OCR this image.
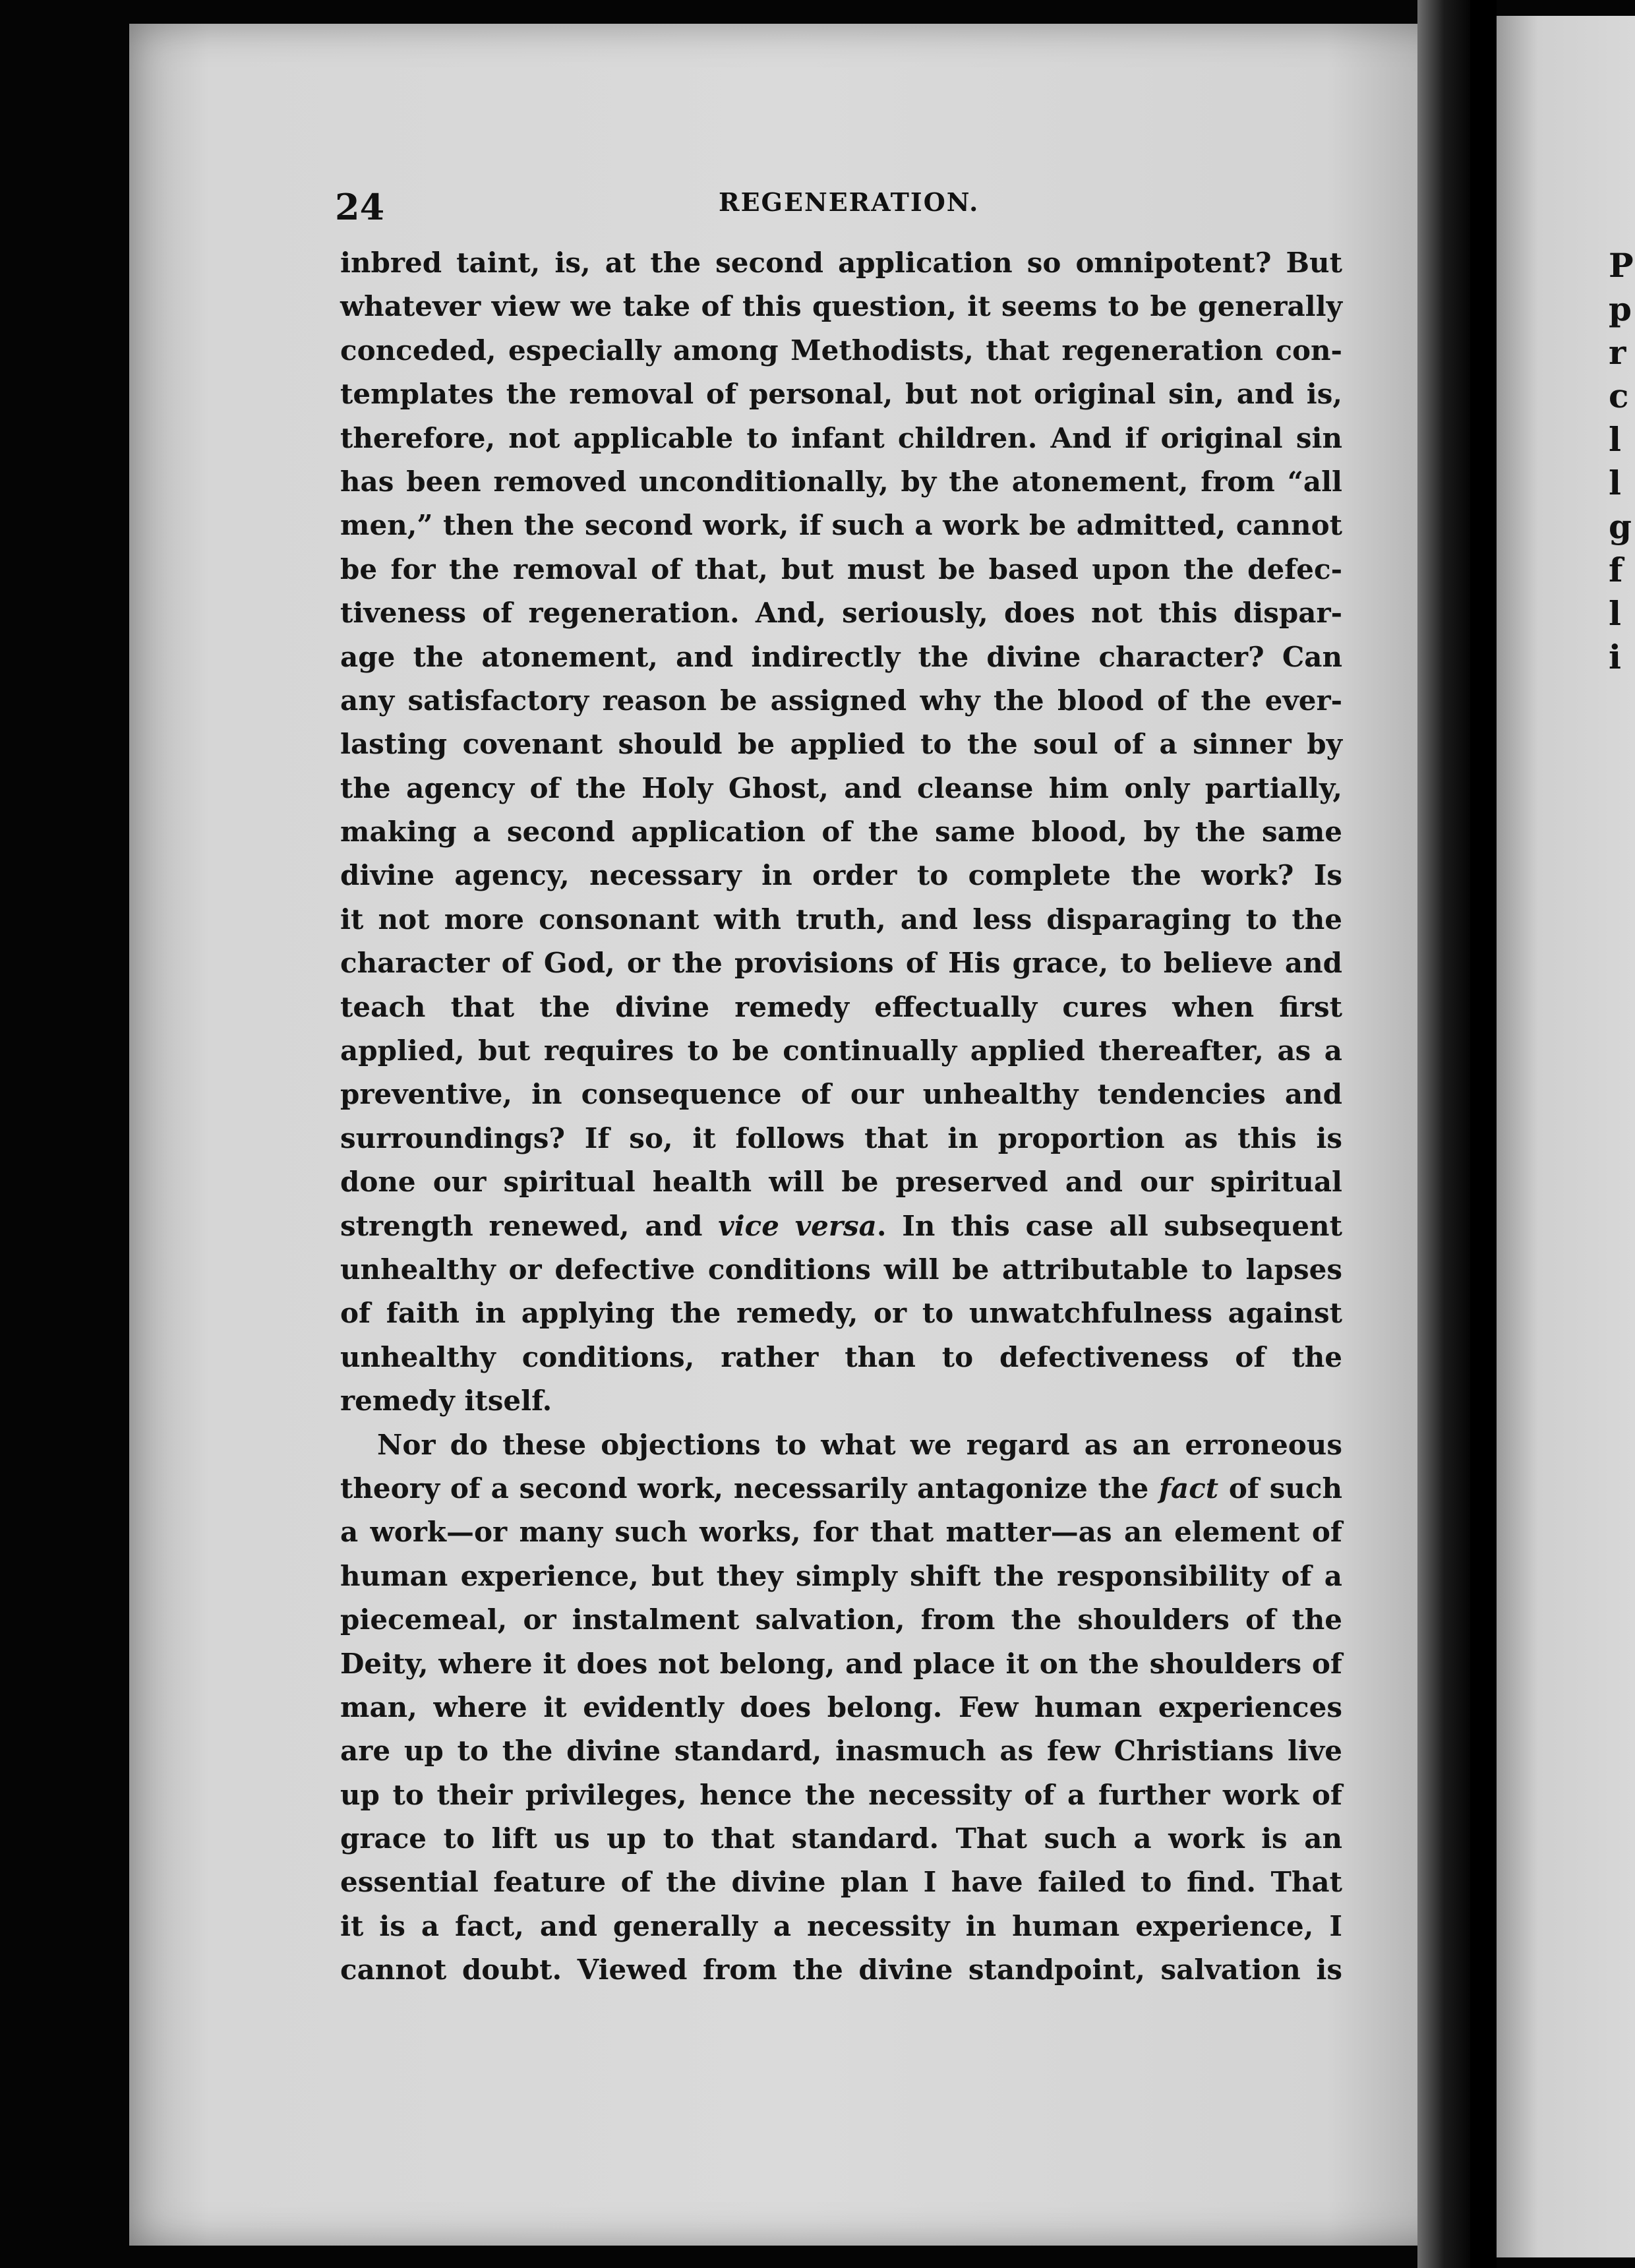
P
p
r
c
l
l
g
f
l
i
24	REGENERATION.
inbred taint, is, at the second application so omnipotent? But
whatever view we take of this question, it seems to be generally
conceded, especially among Methodists, that regeneration con-
templates the removal of personal, but not original sin, and is,
therefore, not applicable to infant children. And if original sin
has been removed unconditionally, by the atonement, from “all
men,” then the second work, if such a work be admitted, cannot
be for the removal of that, but must be based upon the defec-
tiveness of regeneration. And, seriously, does not this dispar-
age the atonement, and indirectly the divine character? Can
any satisfactory reason be assigned why the blood of the ever-
lasting covenant should be applied to the soul of a sinner by
the agency of the Holy Ghost, and cleanse him only partially,
making a second application of the same blood, by the same
divine agency, necessary in order to complete the work? Is
it not more consonant with truth, and less disparaging to the
character of God, or the provisions of His grace, to believe and
teach that the divine remedy effectually cures when first
applied, but requires to be continually applied thereafter, as a
preventive, in consequence of our unhealthy tendencies and
surroundings? If so, it follows that in proportion as this is
done our spiritual health will be preserved and our spiritual
strength renewed, and vice versa. In this case all subsequent
unhealthy or defective conditions will be attributable to lapses
of faith in applying the remedy, or to unwatchfulness against
unhealthy conditions, rather than to defectiveness of the
remedy itself.
Nor do these objections to what we regard as an erroneous
theory of a second work, necessarily antagonize the fact of such
a work—or many such works, for that matter—as an element of
human experience, but they simply shift the responsibility of a
piecemeal, or instalment salvation, from the shoulders of the
Deity, where it does not belong, and place it on the shoulders of
man, where it evidently does belong. Few human experiences
are up to the divine standard, inasmuch as few Christians live
up to their privileges, hence the necessity of a further work of
grace to lift us up to that standard. That such a work is an
essential feature of the divine plan I have failed to find. That
it is a fact, and generally a necessity in human experience, I
cannot doubt. Viewed from the divine standpoint, salvation is
